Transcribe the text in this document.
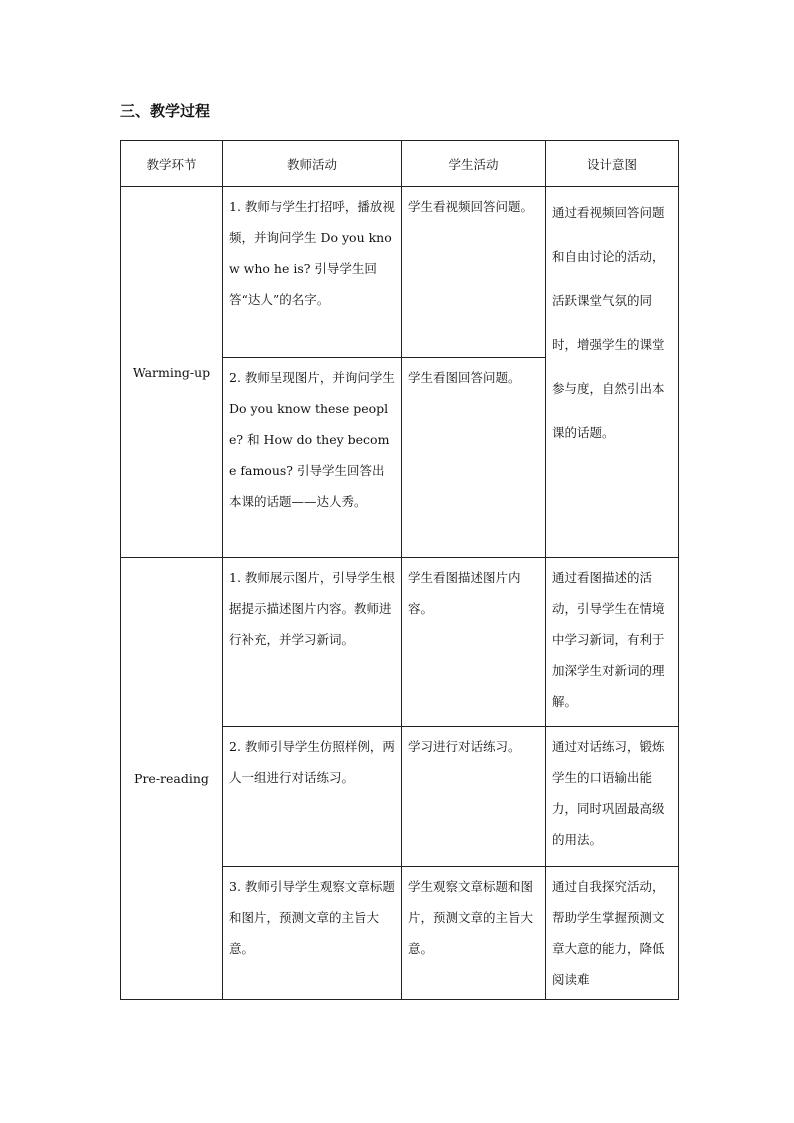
三、教学过程
教学环节	教师活动	学生活动	设计意图
Warming-up	1. 教师与学生打招呼，播放视频，并询问学生 Do you know who he is? 引导学生回答“达人”的名字。	学生看视频回答问题。	通过看视频回答问题和自由讨论的活动，活跃课堂气氛的同时，增强学生的课堂参与度，自然引出本课的话题。
	2. 教师呈现图片，并询问学生 Do you know these people? 和 How do they become famous? 引导学生回答出本课的话题——达人秀。	学生看图回答问题。	
Pre-reading	1. 教师展示图片，引导学生根据提示描述图片内容。教师进行补充，并学习新词。	学生看图描述图片内容。	通过看图描述的活动，引导学生在情境中学习新词，有利于加深学生对新词的理解。
	2. 教师引导学生仿照样例，两人一组进行对话练习。	学习进行对话练习。	通过对话练习，锻炼学生的口语输出能力，同时巩固最高级的用法。
	3. 教师引导学生观察文章标题和图片，预测文章的主旨大意。	学生观察文章标题和图片，预测文章的主旨大意。	通过自我探究活动，帮助学生掌握预测文章大意的能力，降低阅读难
